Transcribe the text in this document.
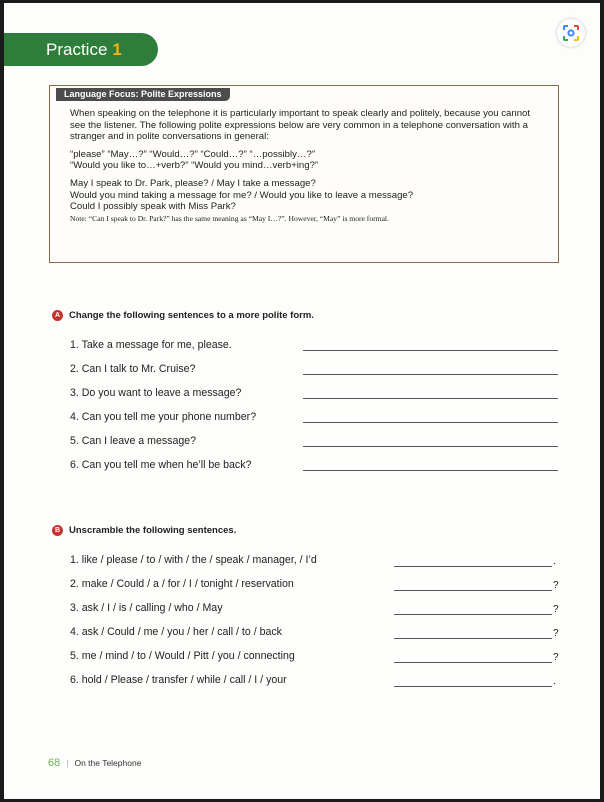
Practice 1
Language Focus: Polite Expressions

When speaking on the telephone it is particularly important to speak clearly and politely, because you cannot see the listener. The following polite expressions below are very common in a telephone conversation with a stranger and in polite conversations in general:

“please” “May…?” “Would…?” “Could…?” “…possibly…?”

“Would you like to…+verb?” “Would you mind…verb+ing?”

May I speak to Dr. Park, please? / May I take a message?

Would you mind taking a message for me? / Would you like to leave a message?

Could I possibly speak with Miss Park?

Note: “Can I speak to Dr. Park?” has the same meaning as “May I…?”. However, “May” is more formal.

A Change the following sentences to a more polite form.
1. Take a message for me, please.
2. Can I talk to Mr. Cruise?
3. Do you want to leave a message?
4. Can you tell me your phone number?
5. Can I leave a message?
6. Can you tell me when he’ll be back?
B Unscramble the following sentences.
1. like / please / to / with / the / speak / manager, / I’d	.
2. make / Could / a / for / I / tonight / reservation	?
3. ask / I / is / calling / who / May	?
4. ask / Could / me / you / her / call / to / back	?
5. me / mind / to / Would / Pitt / you / connecting	?
6. hold / Please / transfer / while / call / I / your	.
68 | On the Telephone
